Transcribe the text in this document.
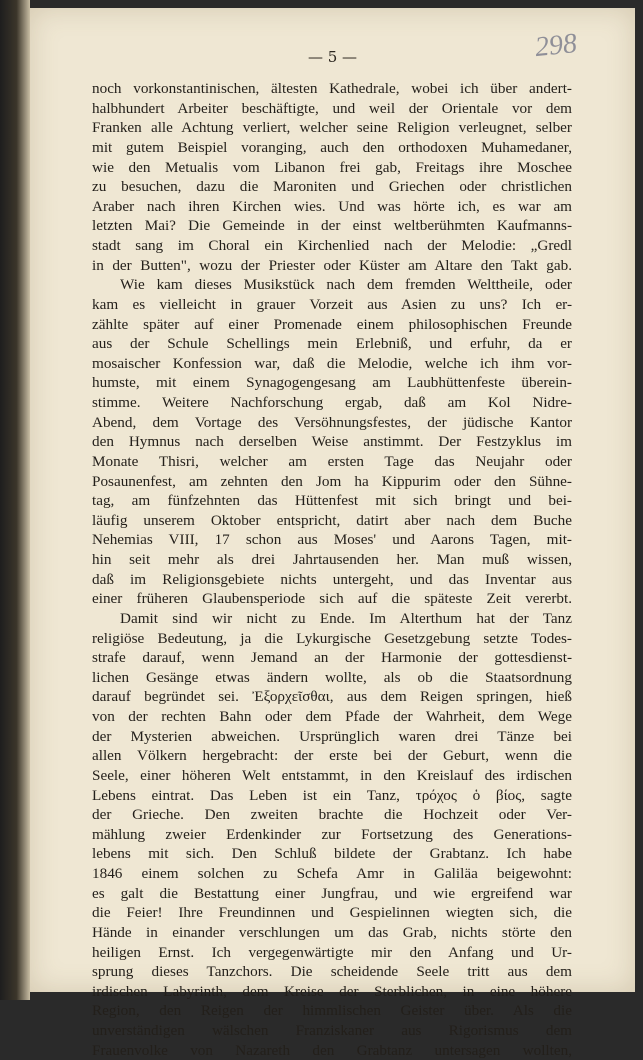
— 5 —	298
noch vorkonstantinischen, ältesten Kathedrale, wobei ich über andert-
halbhundert Arbeiter beschäftigte, und weil der Orientale vor dem
Franken alle Achtung verliert, welcher seine Religion verleugnet, selber
mit gutem Beispiel voranging, auch den orthodoxen Muhamedaner,
wie den Metualis vom Libanon frei gab, Freitags ihre Moschee
zu besuchen, dazu die Maroniten und Griechen oder christlichen
Araber nach ihren Kirchen wies. Und was hörte ich, es war am
letzten Mai? Die Gemeinde in der einst weltberühmten Kaufmanns-
stadt sang im Choral ein Kirchenlied nach der Melodie: „Gredl
in der Butten", wozu der Priester oder Küster am Altare den Takt gab.
Wie kam dieses Musikstück nach dem fremden Welttheile, oder
kam es vielleicht in grauer Vorzeit aus Asien zu uns? Ich er-
zählte später auf einer Promenade einem philosophischen Freunde
aus der Schule Schellings mein Erlebniß, und erfuhr, da er
mosaischer Konfession war, daß die Melodie, welche ich ihm vor-
humste, mit einem Synagogengesang am Laubhüttenfeste überein-
stimme. Weitere Nachforschung ergab, daß am Kol Nidre-
Abend, dem Vortage des Versöhnungsfestes, der jüdische Kantor
den Hymnus nach derselben Weise anstimmt. Der Festzyklus im
Monate Thisri, welcher am ersten Tage das Neujahr oder
Posaunenfest, am zehnten den Jom ha Kippurim oder den Sühne-
tag, am fünfzehnten das Hüttenfest mit sich bringt und bei-
läufig unserem Oktober entspricht, datirt aber nach dem Buche
Nehemias VIII, 17 schon aus Moses' und Aarons Tagen, mit-
hin seit mehr als drei Jahrtausenden her. Man muß wissen,
daß im Religionsgebiete nichts untergeht, und das Inventar aus
einer früheren Glaubensperiode sich auf die späteste Zeit vererbt.
Damit sind wir nicht zu Ende. Im Alterthum hat der Tanz
religiöse Bedeutung, ja die Lykurgische Gesetzgebung setzte Todes-
strafe darauf, wenn Jemand an der Harmonie der gottesdienst-
lichen Gesänge etwas ändern wollte, als ob die Staatsordnung
darauf begründet sei. Ἐξορχεῖσθαι, aus dem Reigen springen, hieß
von der rechten Bahn oder dem Pfade der Wahrheit, dem Wege
der Mysterien abweichen. Ursprünglich waren drei Tänze bei
allen Völkern hergebracht: der erste bei der Geburt, wenn die
Seele, einer höheren Welt entstammt, in den Kreislauf des irdischen
Lebens eintrat. Das Leben ist ein Tanz, τρόχος ὁ βίος, sagte
der Grieche. Den zweiten brachte die Hochzeit oder Ver-
mählung zweier Erdenkinder zur Fortsetzung des Generations-
lebens mit sich. Den Schluß bildete der Grabtanz. Ich habe
1846 einem solchen zu Schefa Amr in Galiläa beigewohnt:
es galt die Bestattung einer Jungfrau, und wie ergreifend war
die Feier! Ihre Freundinnen und Gespielinnen wiegten sich, die
Hände in einander verschlungen um das Grab, nichts störte den
heiligen Ernst. Ich vergegenwärtigte mir den Anfang und Ur-
sprung dieses Tanzchors. Die scheidende Seele tritt aus dem
irdischen Labyrinth, dem Kreise der Sterblichen, in eine höhere
Region, den Reigen der himmlischen Geister über. Als die
unverständigen wälschen Franziskaner aus Rigorismus dem
Frauenvolke von Nazareth den Grabtanz untersagen wollten,
